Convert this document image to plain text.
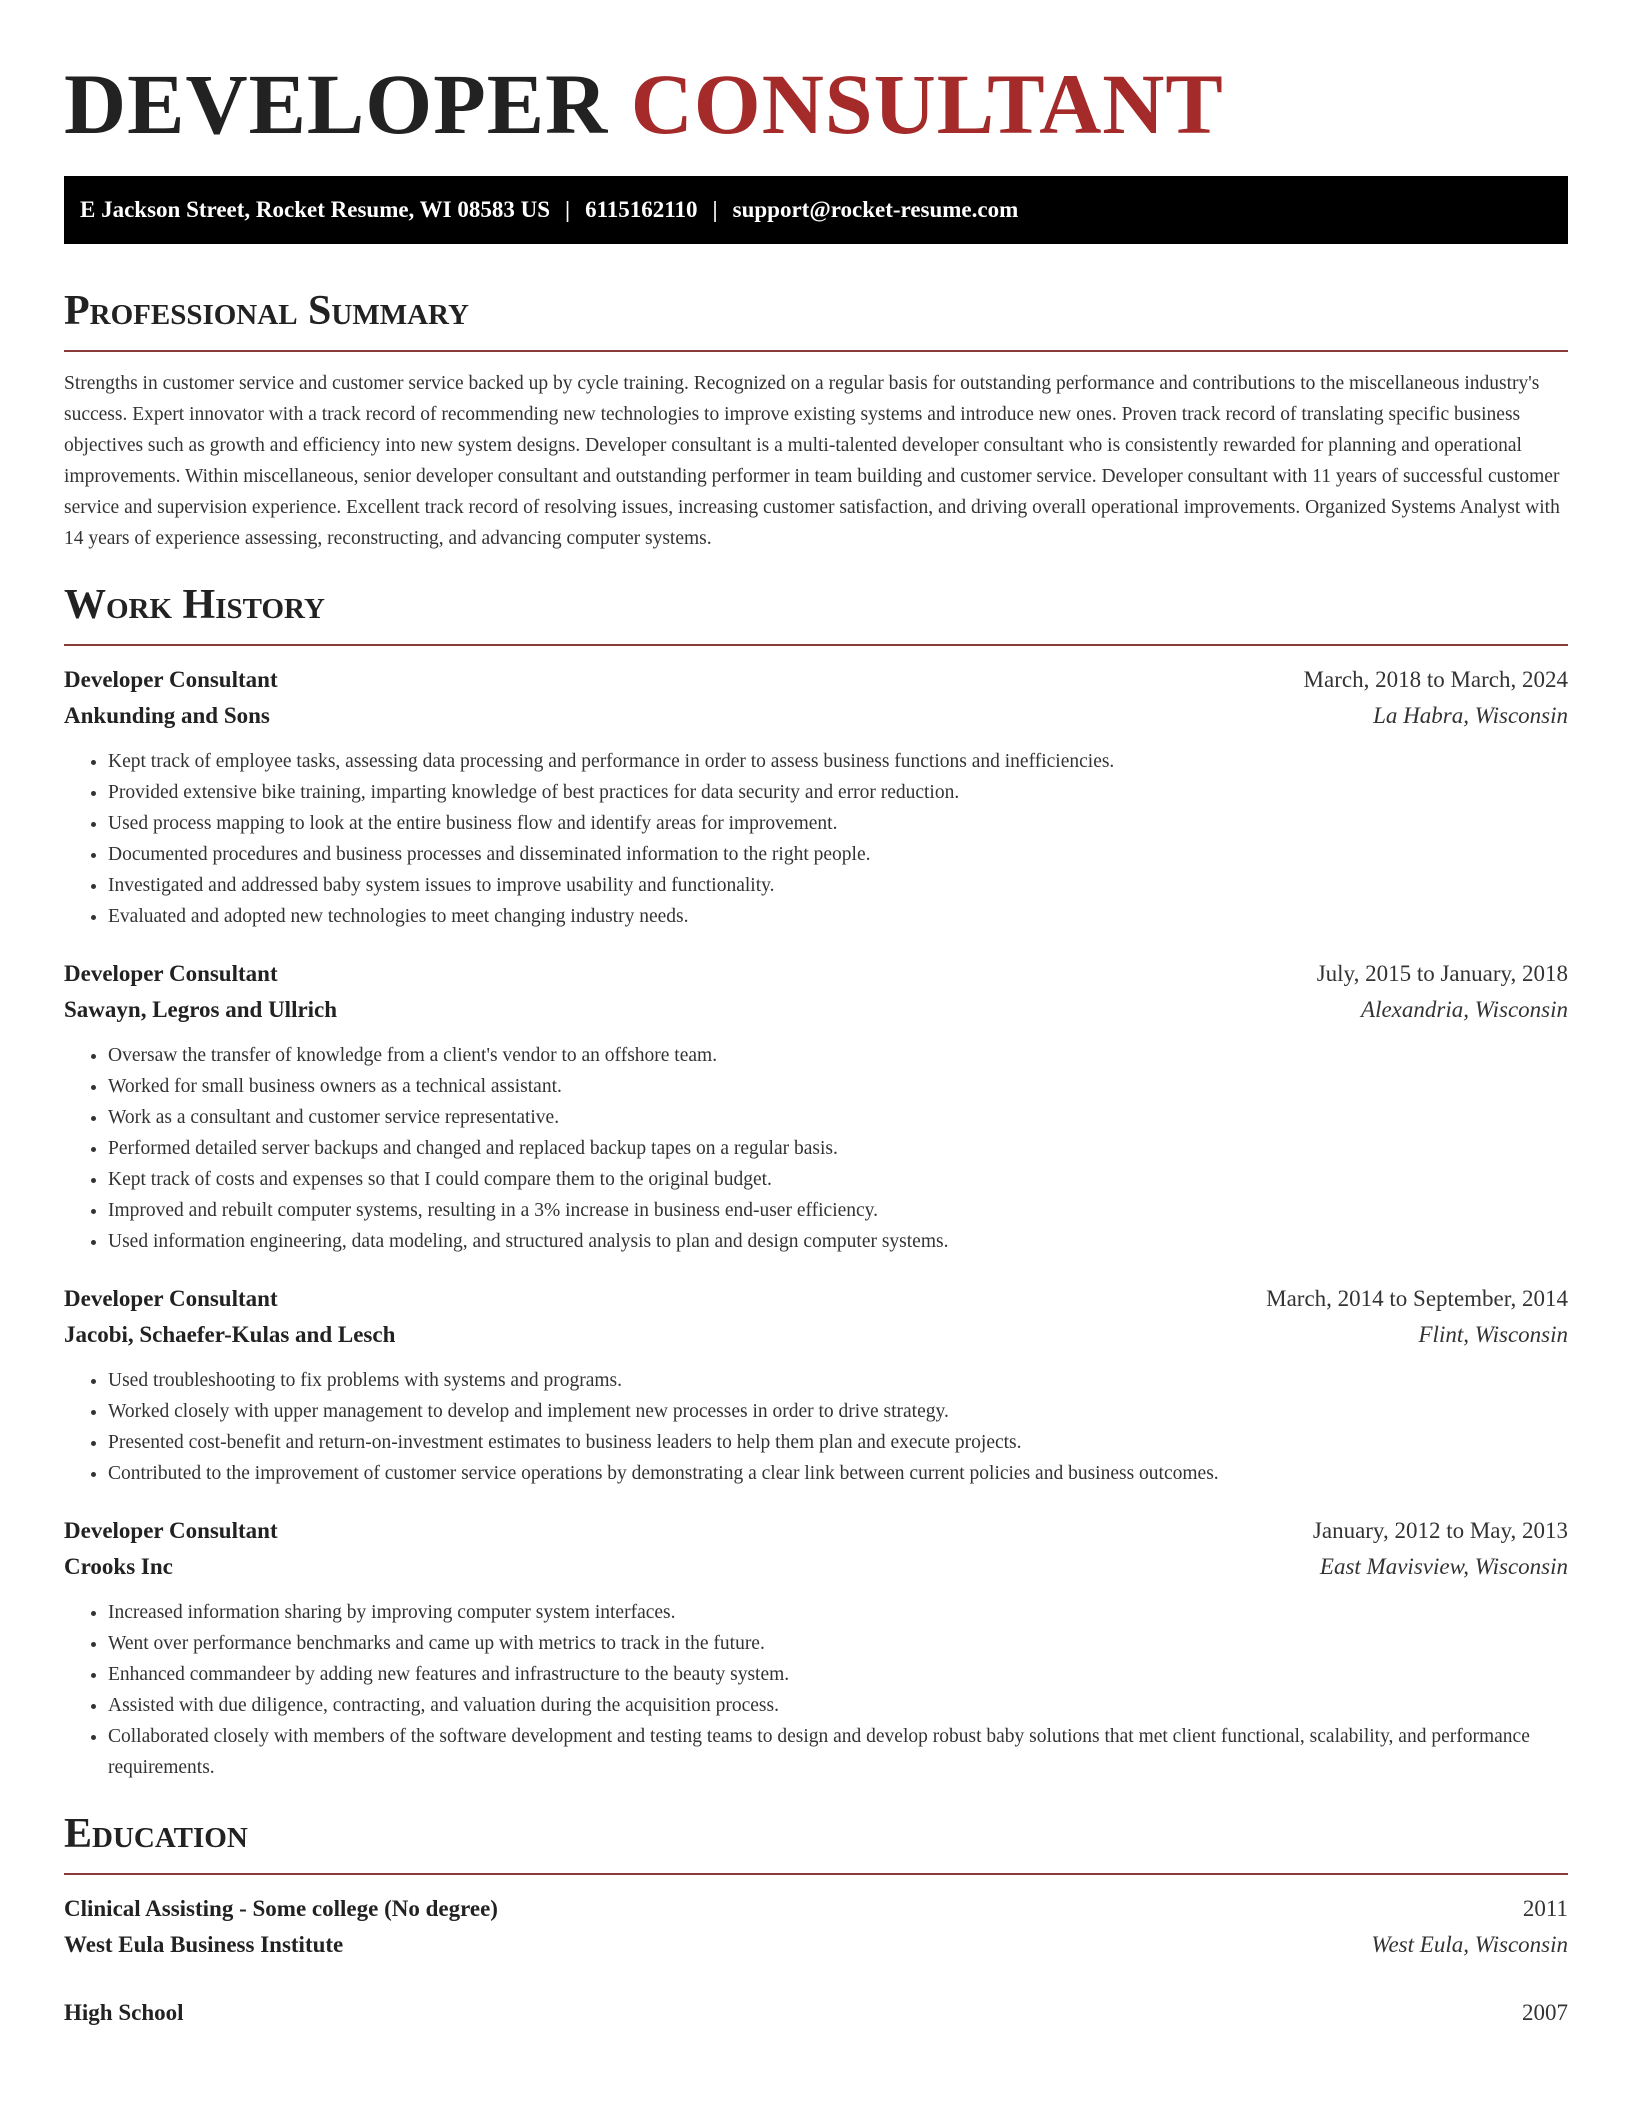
DEVELOPER CONSULTANT
E Jackson Street, Rocket Resume, WI 08583 US | 6115162110 | support@rocket-resume.com
Professional Summary

Strengths in customer service and customer service backed up by cycle training. Recognized on a regular basis for outstanding performance and contributions to the miscellaneous industry's success. Expert innovator with a track record of recommending new technologies to improve existing systems and introduce new ones. Proven track record of translating specific business objectives such as growth and efficiency into new system designs. Developer consultant is a multi-talented developer consultant who is consistently rewarded for planning and operational improvements. Within miscellaneous, senior developer consultant and outstanding performer in team building and customer service. Developer consultant with 11 years of successful customer service and supervision experience. Excellent track record of resolving issues, increasing customer satisfaction, and driving overall operational improvements. Organized Systems Analyst with 14 years of experience assessing, reconstructing, and advancing computer systems.

Work History
Developer Consultant	March, 2018 to March, 2024
Ankunding and Sons	La Habra, Wisconsin
• Kept track of employee tasks, assessing data processing and performance in order to assess business functions and inefficiencies.
• Provided extensive bike training, imparting knowledge of best practices for data security and error reduction.
• Used process mapping to look at the entire business flow and identify areas for improvement.
• Documented procedures and business processes and disseminated information to the right people.
• Investigated and addressed baby system issues to improve usability and functionality.
• Evaluated and adopted new technologies to meet changing industry needs.
Developer Consultant	July, 2015 to January, 2018
Sawayn, Legros and Ullrich	Alexandria, Wisconsin
• Oversaw the transfer of knowledge from a client's vendor to an offshore team.
• Worked for small business owners as a technical assistant.
• Work as a consultant and customer service representative.
• Performed detailed server backups and changed and replaced backup tapes on a regular basis.
• Kept track of costs and expenses so that I could compare them to the original budget.
• Improved and rebuilt computer systems, resulting in a 3% increase in business end-user efficiency.
• Used information engineering, data modeling, and structured analysis to plan and design computer systems.
Developer Consultant	March, 2014 to September, 2014
Jacobi, Schaefer-Kulas and Lesch	Flint, Wisconsin
• Used troubleshooting to fix problems with systems and programs.
• Worked closely with upper management to develop and implement new processes in order to drive strategy.
• Presented cost-benefit and return-on-investment estimates to business leaders to help them plan and execute projects.
• Contributed to the improvement of customer service operations by demonstrating a clear link between current policies and business outcomes.
Developer Consultant	January, 2012 to May, 2013
Crooks Inc	East Mavisview, Wisconsin
• Increased information sharing by improving computer system interfaces.
• Went over performance benchmarks and came up with metrics to track in the future.
• Enhanced commandeer by adding new features and infrastructure to the beauty system.
• Assisted with due diligence, contracting, and valuation during the acquisition process.
• Collaborated closely with members of the software development and testing teams to design and develop robust baby solutions that met client functional, scalability, and performance requirements.
Education
Clinical Assisting - Some college (No degree)	2011
West Eula Business Institute	West Eula, Wisconsin
High School	2007
